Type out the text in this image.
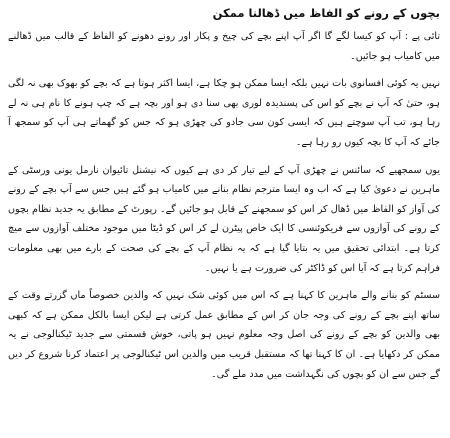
بچوں کے رونے کو الفاظ میں ڈھالنا ممکن

تائی پے : آپ کو کیسا لگے گا اگر آپ اپنے بچے کی چیخ و پکار اور رونے دھونے کو الفاظ کے قالب میں ڈھالنے میں کامیاب ہو جائیں۔

نہیں یہ کوئی افسانوی بات نہیں بلکہ ایسا ممکن ہو چکا ہے، ایسا اکثر ہوتا ہے کہ بچے کو بھوک بھی نہ لگی ہو، حتیٰ کہ آپ نے بچے کو اس کی پسندیدہ لوری بھی سنا دی ہو اور بچہ ہے کہ چپ ہونے کا نام ہی نہ لے رہا ہو، تب آپ سوچتے ہیں کہ ایسی کون سی جادو کی چھڑی ہو کہ جس کو گھماتے ہی آپ کو سمجھ آ جائے کہ آپ کا بچہ کیوں رو رہا ہے۔

یوں سمجھیے کہ سائنس نے چھڑی آپ کے لیے تیار کر دی ہے کیوں کہ نیشنل تائیوان نارمل یونی ورسٹی کے ماہرین نے دعویٰ کیا ہے کہ اب وہ ایسا مترجم نظام بنانے میں کامیاب ہو گئے ہیں جس سے آپ بچے کے رونے کی آواز کو الفاظ میں ڈھال کر اس کو سمجھنے کے قابل ہو جائیں گے۔ رپورٹ کے مطابق یہ جدید نظام بچوں کے رونے کی آوازوں سے فریکوئنسی کا ایک خاص پیٹرن لے کر اس کو ڈیٹا میں موجود مختلف آوازوں سے میچ کرتا ہے۔ ابتدائی تحقیق میں یہ بتایا گیا ہے کہ یہ نظام آپ کے بچے کی صحت کے بارے میں بھی معلومات فراہم کرتا ہے کہ آیا اس کو ڈاکٹر کی ضرورت ہے یا نہیں۔

سسٹم کو بنانے والے ماہرین کا کہنا ہے کہ اس میں کوئی شک نہیں کہ والدین خصوصاً ماں گزرتے وقت کے ساتھ اپنے بچے کے رونے کی وجہ جان کر اس کے مطابق عمل کرتی ہے لیکن ایسا بالکل ممکن ہے کہ کبھی بھی والدین کو بچے کے رونے کی اصل وجہ معلوم نہیں ہو پاتی، خوش قسمتی سے جدید ٹیکنالوجی نے یہ ممکن کر دکھایا ہے۔ ان کا کہنا تھا کہ مستقبل قریب میں والدین اس ٹیکنالوجی پر اعتماد کرنا شروع کر دیں گے جس سے ان کو بچوں کی نگہداشت میں مدد ملے گی۔
